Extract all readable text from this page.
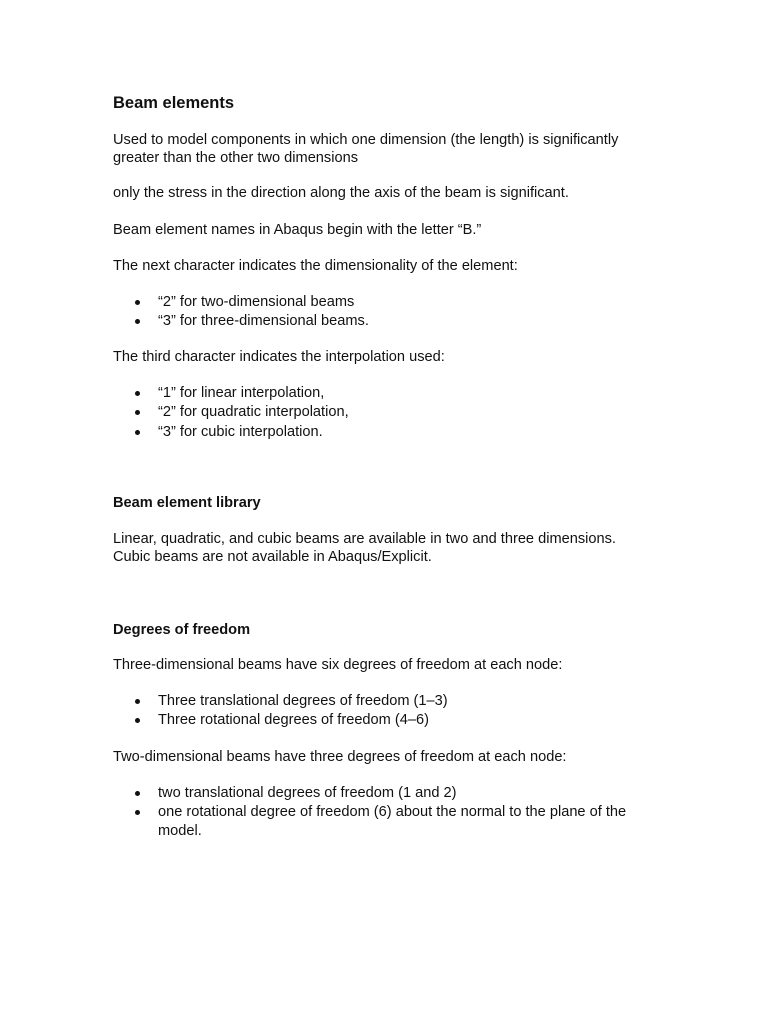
Beam elements

Used to model components in which one dimension (the length) is significantly

greater than the other two dimensions

only the stress in the direction along the axis of the beam is significant.

Beam element names in Abaqus begin with the letter “B.”

The next character indicates the dimensionality of the element:

“2” for two-dimensional beams
“3” for three-dimensional beams.

The third character indicates the interpolation used:

“1” for linear interpolation,
“2” for quadratic interpolation,
“3” for cubic interpolation.
Beam element library

Linear, quadratic, and cubic beams are available in two and three dimensions.

Cubic beams are not available in Abaqus/Explicit.

Degrees of freedom

Three-dimensional beams have six degrees of freedom at each node:

Three translational degrees of freedom (1–3)
Three rotational degrees of freedom (4–6)

Two-dimensional beams have three degrees of freedom at each node:

two translational degrees of freedom (1 and 2)
one rotational degree of freedom (6) about the normal to the plane of the model.
